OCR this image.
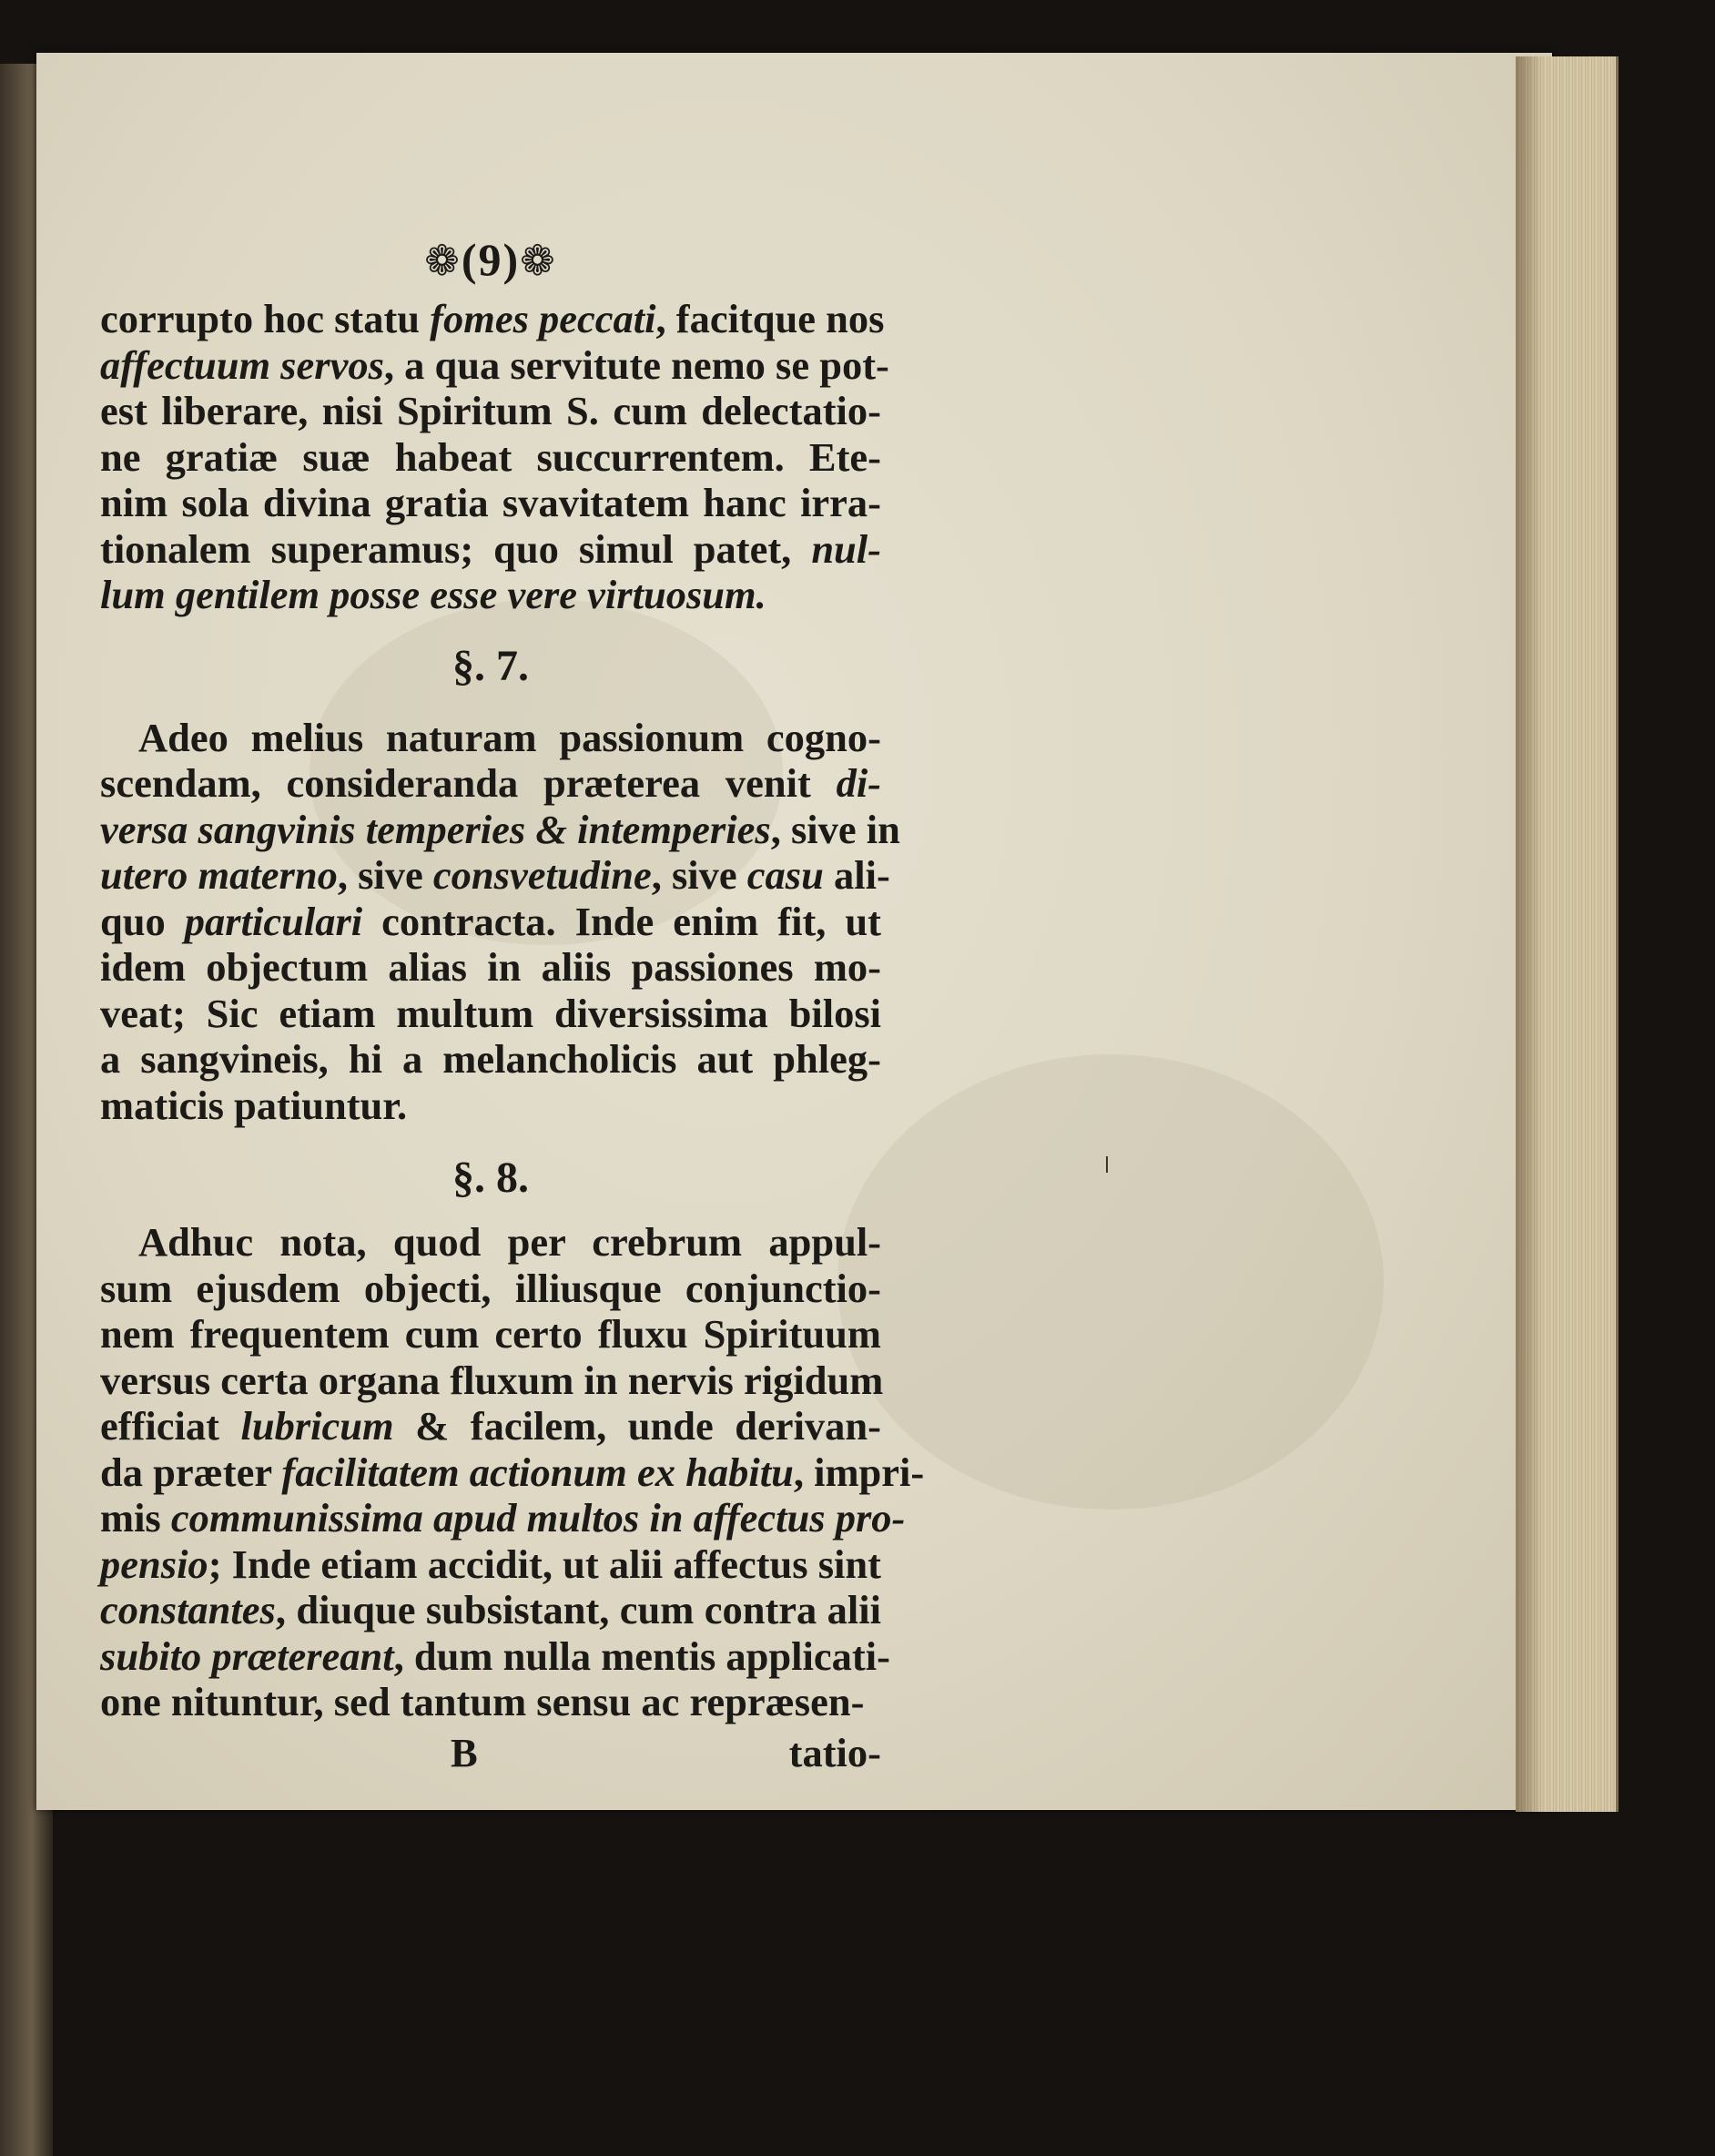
❁(9)❁
corrupto hoc statu fomes peccati, facitque nos
affectuum servos, a qua servitute nemo se pot-
est liberare, nisi Spiritum S. cum delectatio-
ne gratiæ suæ habeat succurrentem. Ete-
nim sola divina gratia svavitatem hanc irra-
tionalem superamus; quo simul patet, nul-
lum gentilem posse esse vere virtuosum.
§. 7.
Adeo melius naturam passionum cogno-
scendam, considerandа præterea venit di-
versa sangvinis temperies & intemperies, sive in
utero materno, sive consvetudine, sive casu ali-
quo particulari contracta. Inde enim fit, ut
idem objectum alias in aliis passiones mo-
veat; Sic etiam multum diversissima bilosi
a sangvineis, hi a melancholicis aut phleg-
maticis patiuntur.
§. 8.
Adhuc nota, quod per crebrum appul-
sum ejusdem objecti, illiusque conjunctio-
nem frequentem cum certo fluxu Spirituum
versus certa organa fluxum in nervis rigidum
efficiat lubricum & facilem, unde derivan-
da præter facilitatem actionum ex habitu, impri-
mis communissima apud multos in affectus pro-
pensio; Inde etiam accidit, ut alii affectus sint
constantes, diuque subsistant, cum contra alii
subito prætereant, dum nulla mentis applicati-
one nituntur, sed tantum sensu ac repræsen-
B	tatio-
